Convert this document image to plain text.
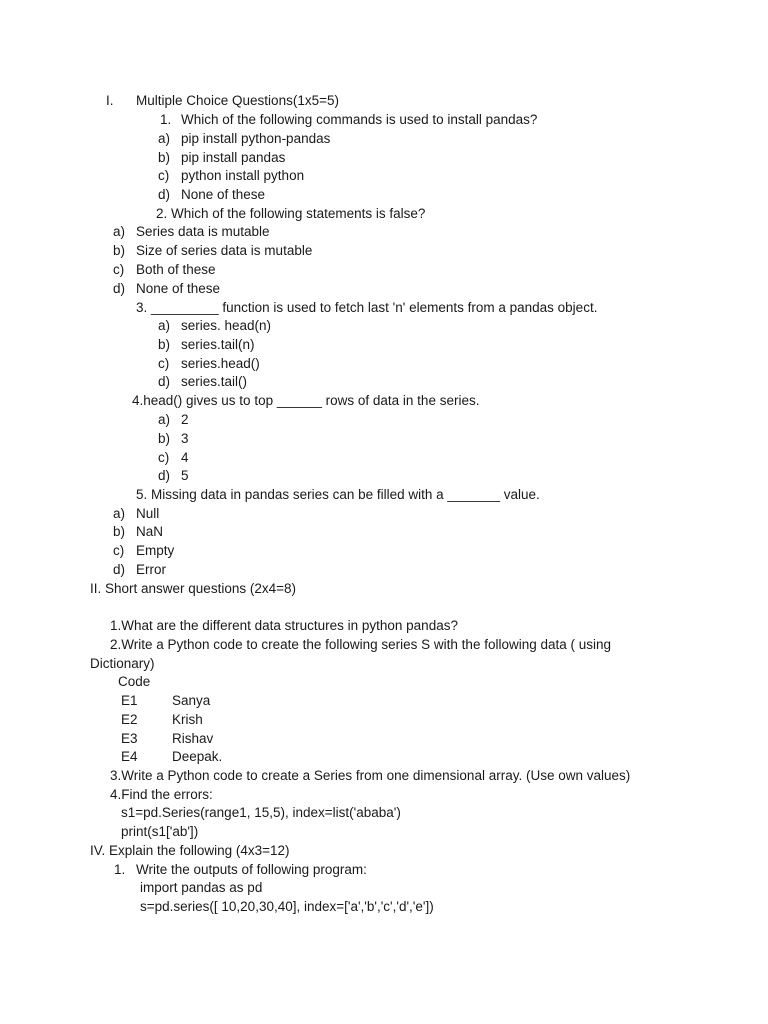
I. Multiple Choice Questions(1x5=5)
1. Which of the following commands is used to install pandas?
a) pip install python-pandas
b) pip install pandas
c) python install python
d) None of these
2. Which of the following statements is false?
a) Series data is mutable
b) Size of series data is mutable
c) Both of these
d) None of these
3. _________ function is used to fetch last 'n' elements from a pandas object.
a) series. head(n)
b) series.tail(n)
c) series.head()
d) series.tail()
4.head() gives us to top ______ rows of data in the series.
a) 2
b) 3
c) 4
d) 5
5. Missing data in pandas series can be filled with a _______ value.
a) Null
b) NaN
c) Empty
d) Error
II. Short answer questions (2x4=8)
1.What are the different data structures in python pandas?
2.Write a Python code to create the following series S with the following data ( using
Dictionary)
Code
E1	Sanya
E2	Krish
E3	Rishav
E4	Deepak.
3.Write a Python code to create a Series from one dimensional array. (Use own values)
4.Find the errors:
s1=pd.Series(range1, 15,5), index=list('ababa')
print(s1['ab'])
IV. Explain the following (4x3=12)
1. Write the outputs of following program:
import pandas as pd
s=pd.series([ 10,20,30,40], index=['a','b','c','d','e'])
